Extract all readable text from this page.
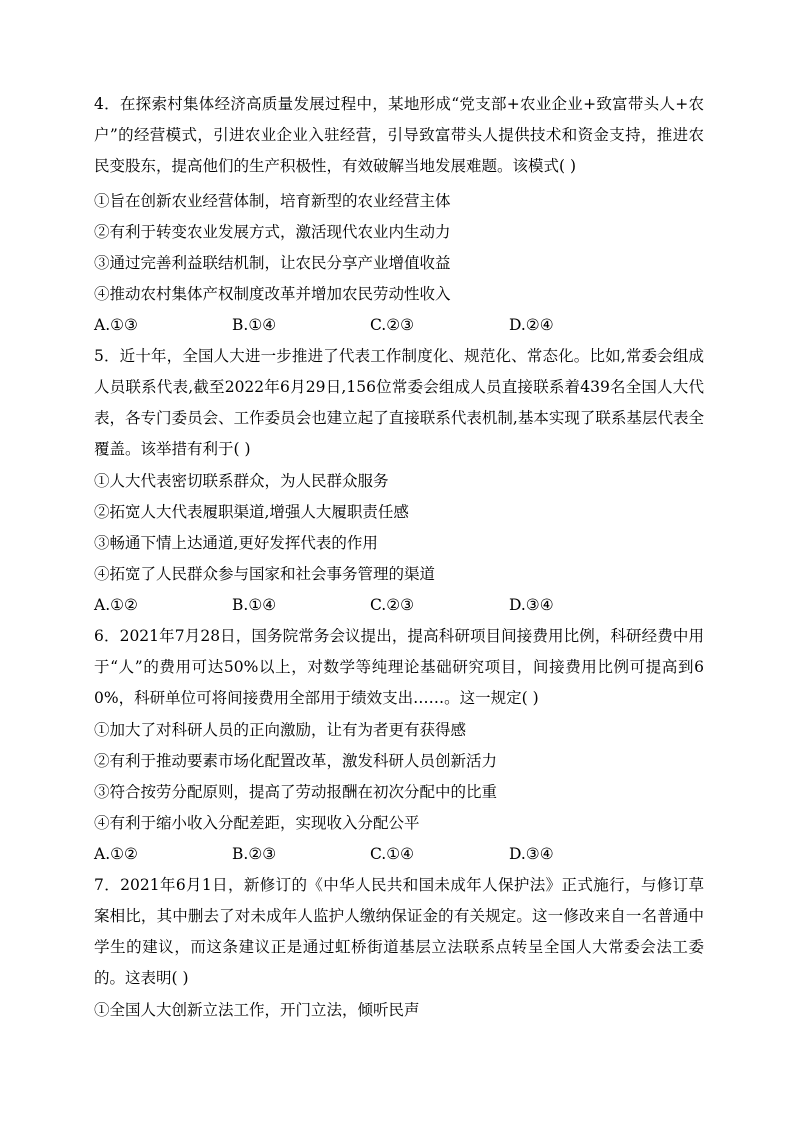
4．在探索村集体经济高质量发展过程中，某地形成“党支部+农业企业+致富带头人+农户”的经营模式，引进农业企业入驻经营，引导致富带头人提供技术和资金支持，推进农民变股东，提高他们的生产积极性，有效破解当地发展难题。该模式( )

①旨在创新农业经营体制，培育新型的农业经营主体

②有利于转变农业发展方式，激活现代农业内生动力

③通过完善利益联结机制，让农民分享产业增值收益

④推动农村集体产权制度改革并增加农民劳动性收入

A.①③	B.①④	C.②③	D.②④

5．近十年，全国人大进一步推进了代表工作制度化、规范化、常态化。比如,常委会组成人员联系代表,截至2022年6月29日,156位常委会组成人员直接联系着439名全国人大代表，各专门委员会、工作委员会也建立起了直接联系代表机制,基本实现了联系基层代表全覆盖。该举措有利于( )

①人大代表密切联系群众，为人民群众服务

②拓宽人大代表履职渠道,增强人大履职责任感

③畅通下情上达通道,更好发挥代表的作用

④拓宽了人民群众参与国家和社会事务管理的渠道

A.①②	B.①④	C.②③	D.③④

6．2021年7月28日，国务院常务会议提出，提高科研项目间接费用比例，科研经费中用于“人”的费用可达50%以上，对数学等纯理论基础研究项目，间接费用比例可提高到60%，科研单位可将间接费用全部用于绩效支出……。这一规定( )

①加大了对科研人员的正向激励，让有为者更有获得感

②有利于推动要素市场化配置改革，激发科研人员创新活力

③符合按劳分配原则，提高了劳动报酬在初次分配中的比重

④有利于缩小收入分配差距，实现收入分配公平

A.①②	B.②③	C.①④	D.③④

7．2021年6月1日，新修订的《中华人民共和国未成年人保护法》正式施行，与修订草案相比，其中删去了对未成年人监护人缴纳保证金的有关规定。这一修改来自一名普通中学生的建议，而这条建议正是通过虹桥街道基层立法联系点转呈全国人大常委会法工委的。这表明( )

①全国人大创新立法工作，开门立法，倾听民声
